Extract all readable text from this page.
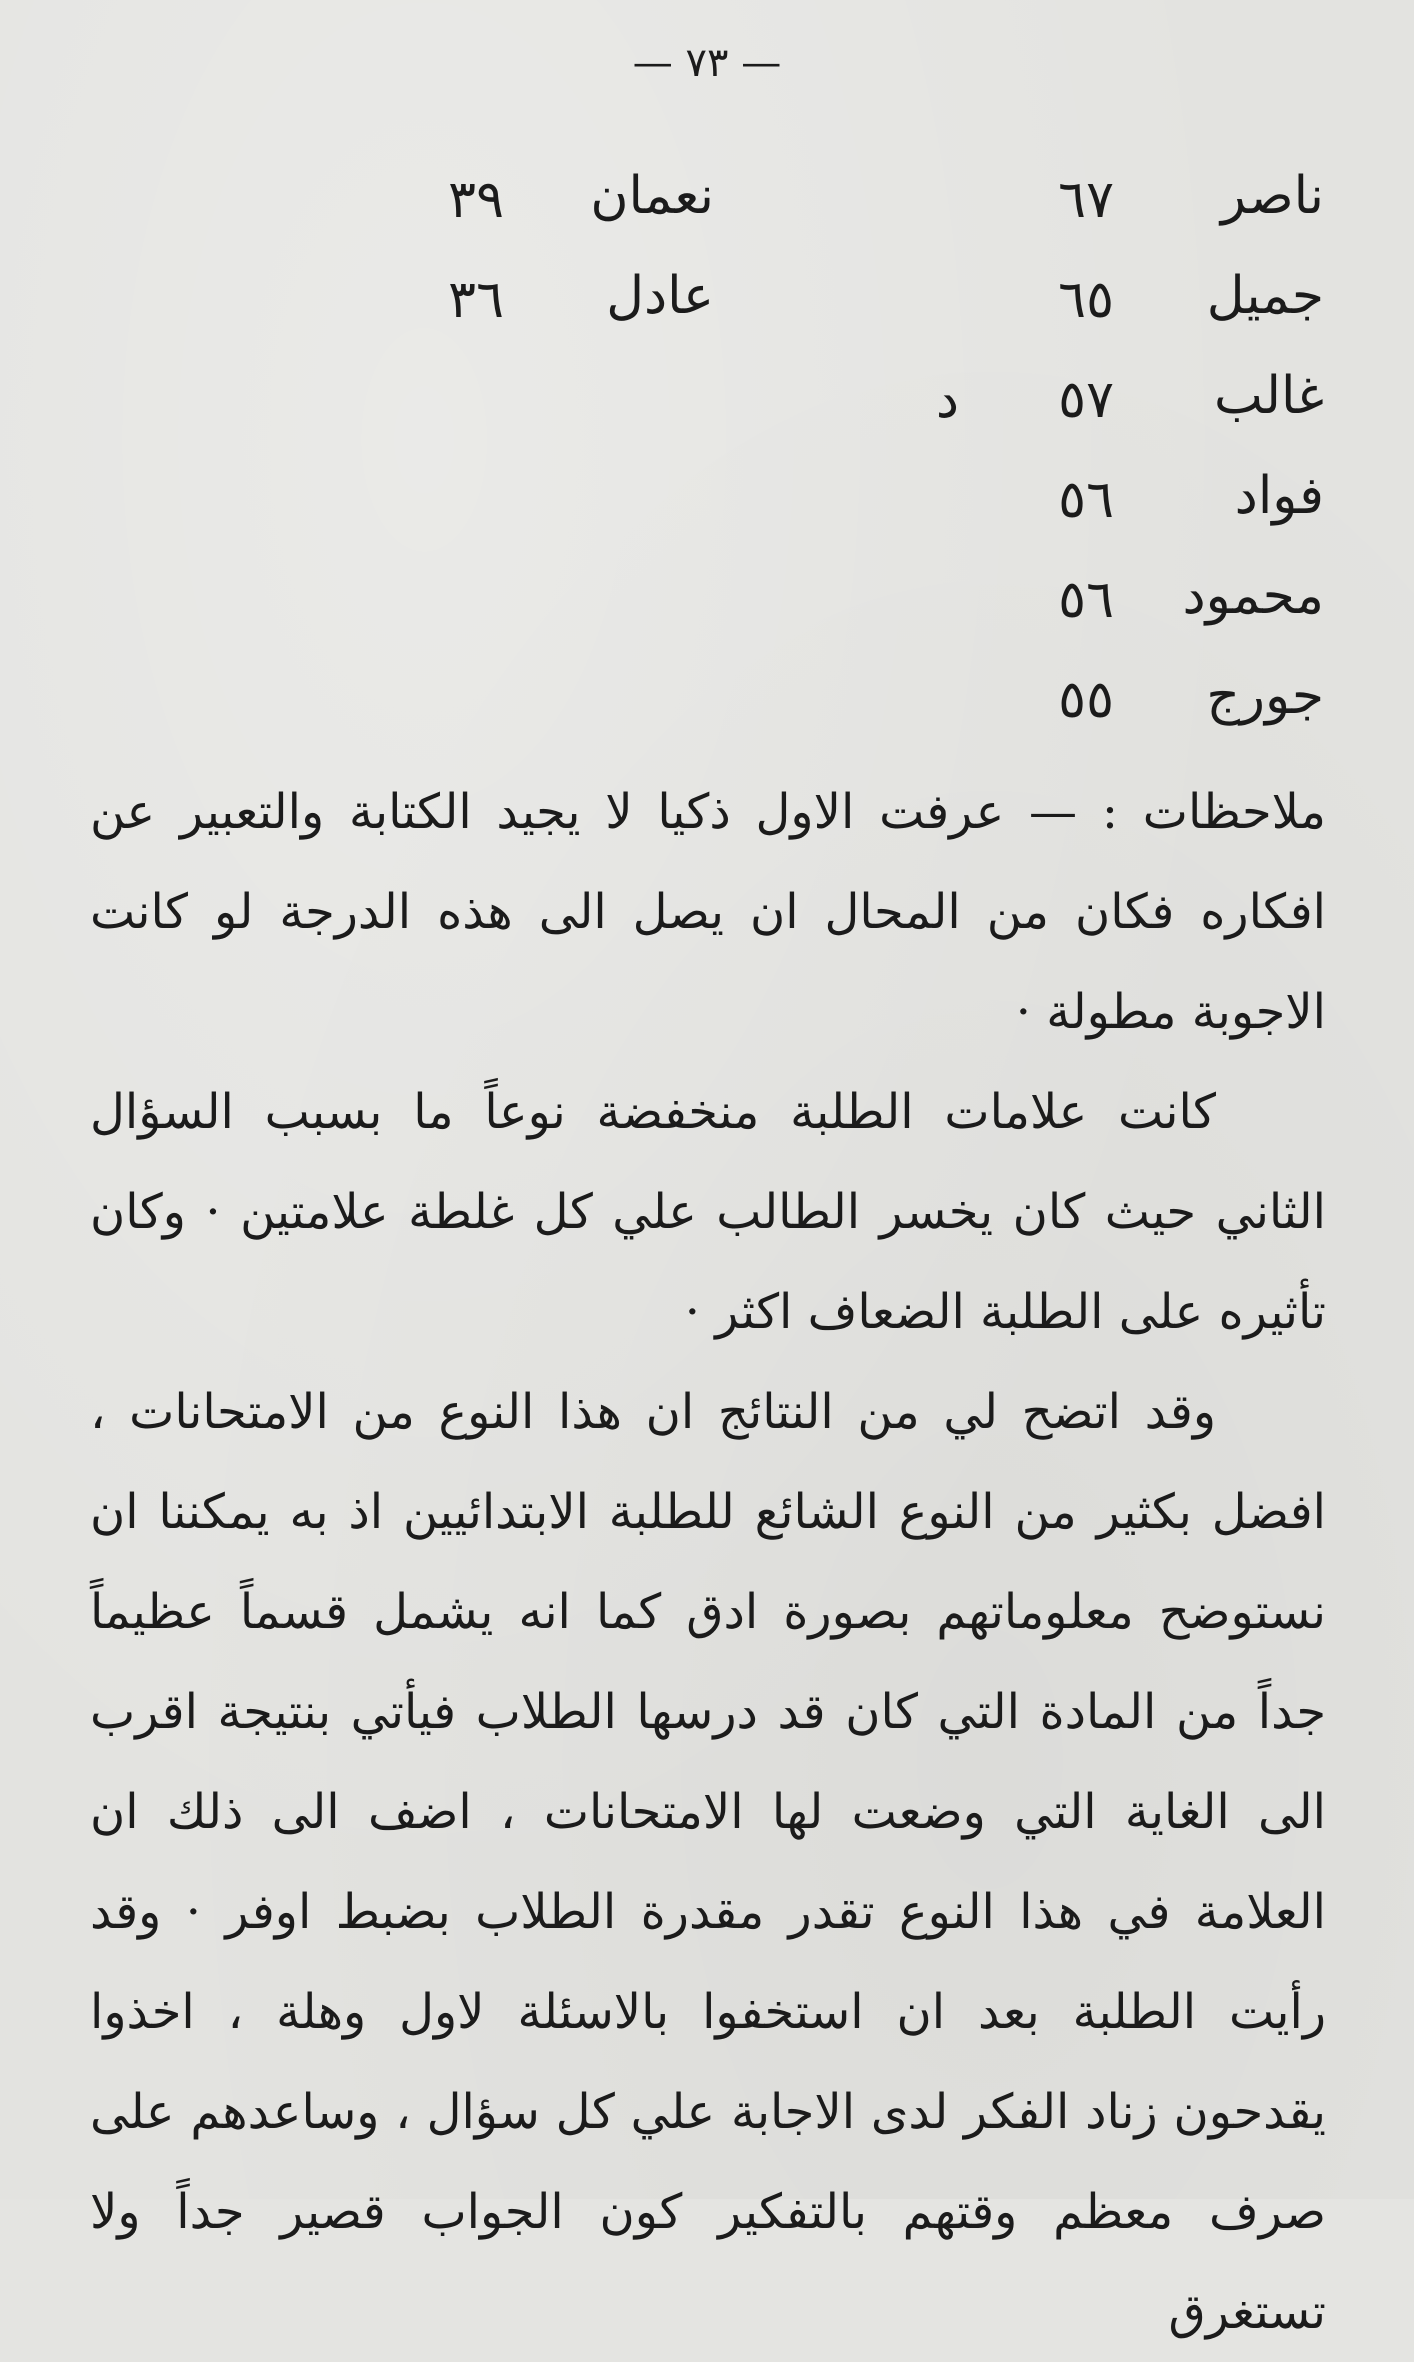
— ٧٣ —
ناصر
٦٧
جميل
٦٥
غالب
٥٧
فواد
٥٦
محمود
٥٦
جورج
٥٥
نعمان
٣٩
عادل
٣٦
د

ملاحظات : — عرفت الاول ذكيا لا يجيد الكتابة والتعبير عن افكاره فكان من المحال ان يصل الى هذه الدرجة لو كانت الاجوبة مطولة ·

كانت علامات الطلبة منخفضة نوعاً ما بسبب السؤال الثاني حيث كان يخسر الطالب علي كل غلطة علامتين · وكان تأثيره على الطلبة الضعاف اكثر ·

وقد اتضح لي من النتائج ان هذا النوع من الامتحانات ، افضل بكثير من النوع الشائع للطلبة الابتدائيين اذ به يمكننا ان نستوضح معلوماتهم بصورة ادق كما انه يشمل قسماً عظيماً جداً من المادة التي كان قد درسها الطلاب فيأتي بنتيجة اقرب الى الغاية التي وضعت لها الامتحانات ، اضف الى ذلك ان العلامة في هذا النوع تقدر مقدرة الطلاب بضبط اوفر · وقد رأيت الطلبة بعد ان استخفوا بالاسئلة لاول وهلة ، اخذوا يقدحون زناد الفكر لدى الاجابة علي كل سؤال ، وساعدهم على صرف معظم وقتهم بالتفكير كون الجواب قصير جداً ولا تستغرق
